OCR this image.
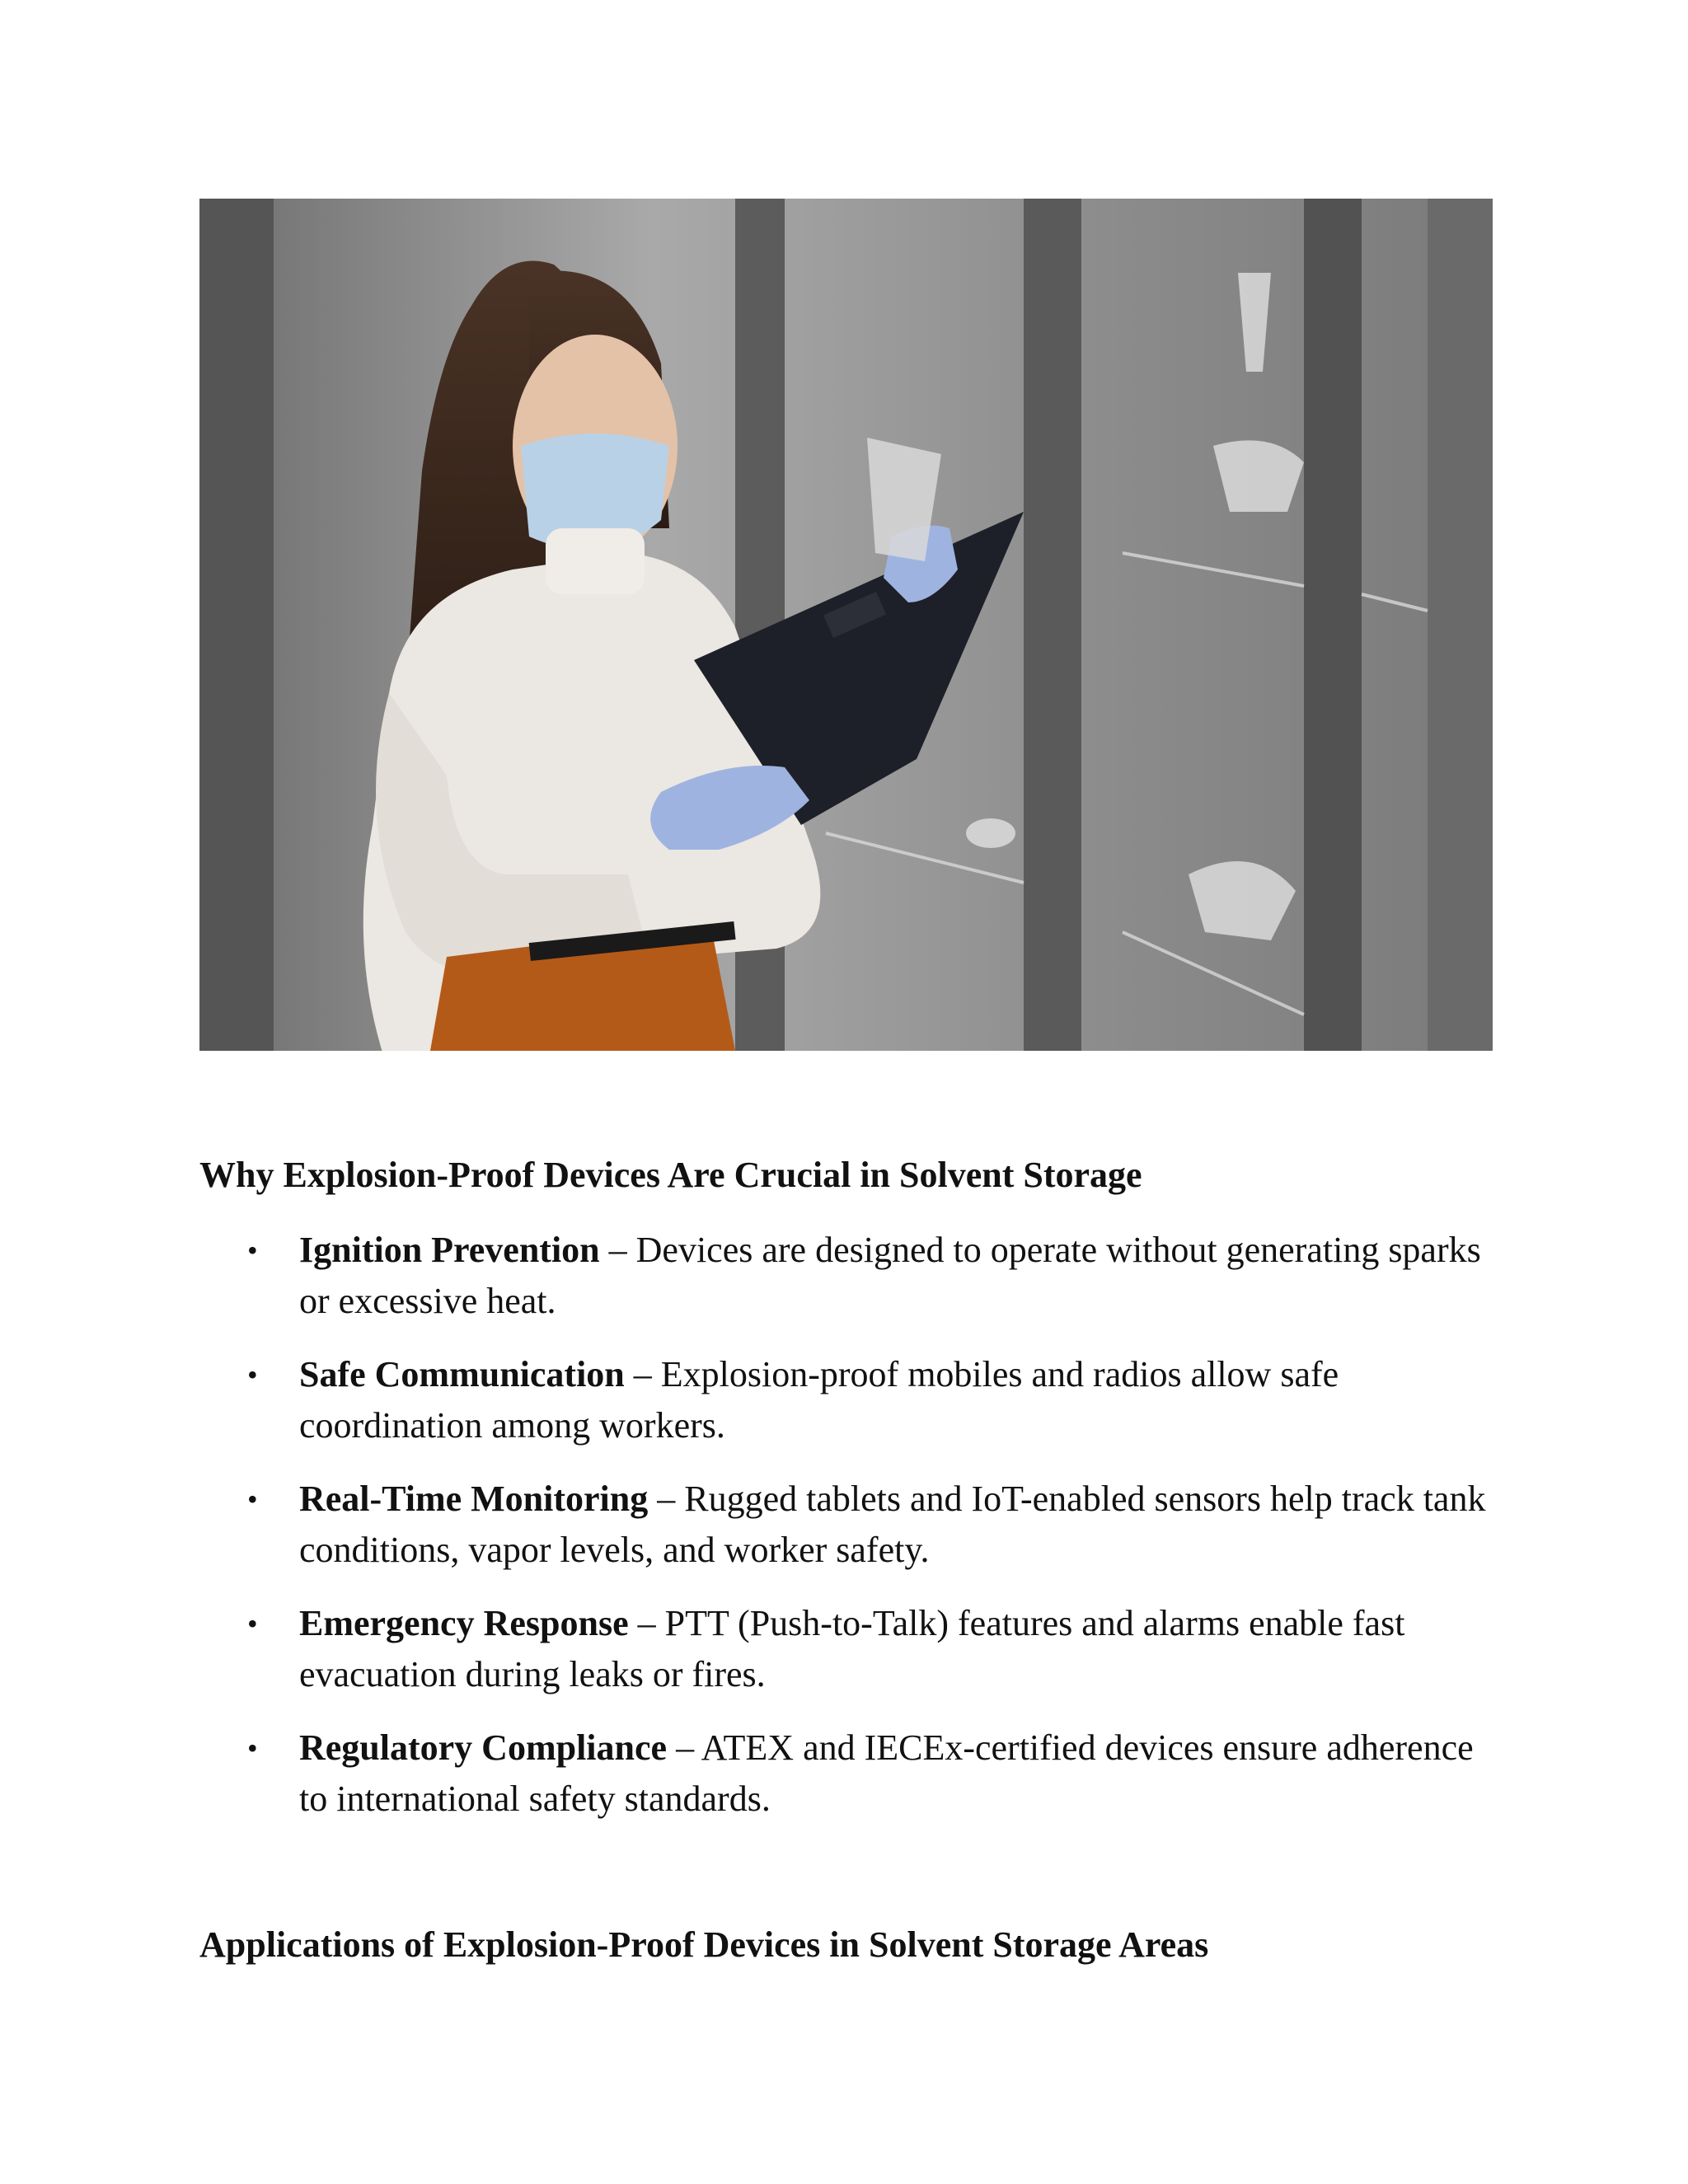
Why Explosion-Proof Devices Are Crucial in Solvent Storage
• Ignition Prevention – Devices are designed to operate without generating sparks or excessive heat.
• Safe Communication – Explosion-proof mobiles and radios allow safe coordination among workers.
• Real-Time Monitoring – Rugged tablets and IoT-enabled sensors help track tank conditions, vapor levels, and worker safety.
• Emergency Response – PTT (Push-to-Talk) features and alarms enable fast evacuation during leaks or fires.
• Regulatory Compliance – ATEX and IECEx-certified devices ensure adherence to international safety standards.
Applications of Explosion-Proof Devices in Solvent Storage Areas
